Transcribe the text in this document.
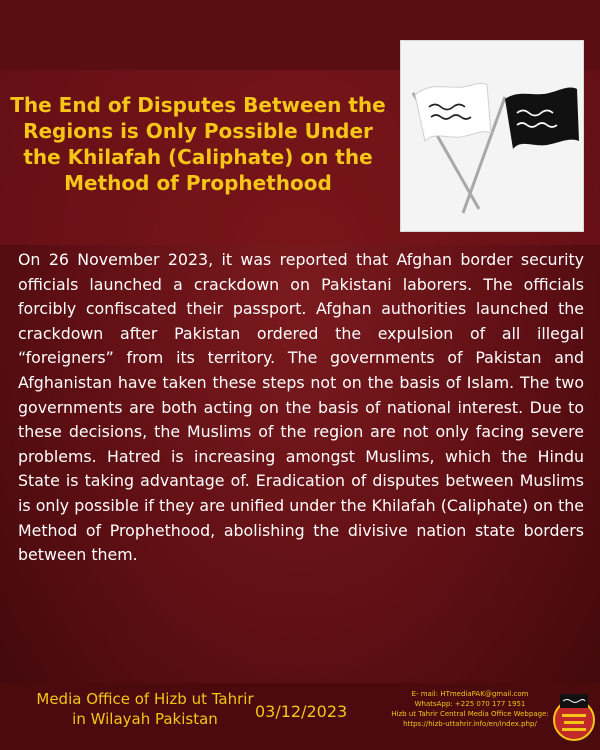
The End of Disputes Between the
Regions is Only Possible Under
the Khilafah (Caliphate) on the
Method of Prophethood
On 26 November 2023, it was reported that Afghan border security officials launched a crackdown on Pakistani laborers. The officials forcibly confiscated their passport. Afghan authorities launched the crackdown after Pakistan ordered the expulsion of all illegal “foreigners” from its territory. The governments of Pakistan and Afghanistan have taken these steps not on the basis of Islam. The two governments are both acting on the basis of national interest. Due to these decisions, the Muslims of the region are not only facing severe problems. Hatred is increasing amongst Muslims, which the Hindu State is taking advantage of. Eradication of disputes between Muslims is only possible if they are unified under the Khilafah (Caliphate) on the Method of Prophethood, abolishing the divisive nation state borders between them.
Media Office of Hizb ut Tahrir
in Wilayah Pakistan	03/12/2023
E- mail: HTmediaPAK@gmail.com
WhatsApp: +225 070 177 1951
Hizb ut Tahrir Central Media Office Webpage:
https://hizb-uttahrir.info/en/index.php/
